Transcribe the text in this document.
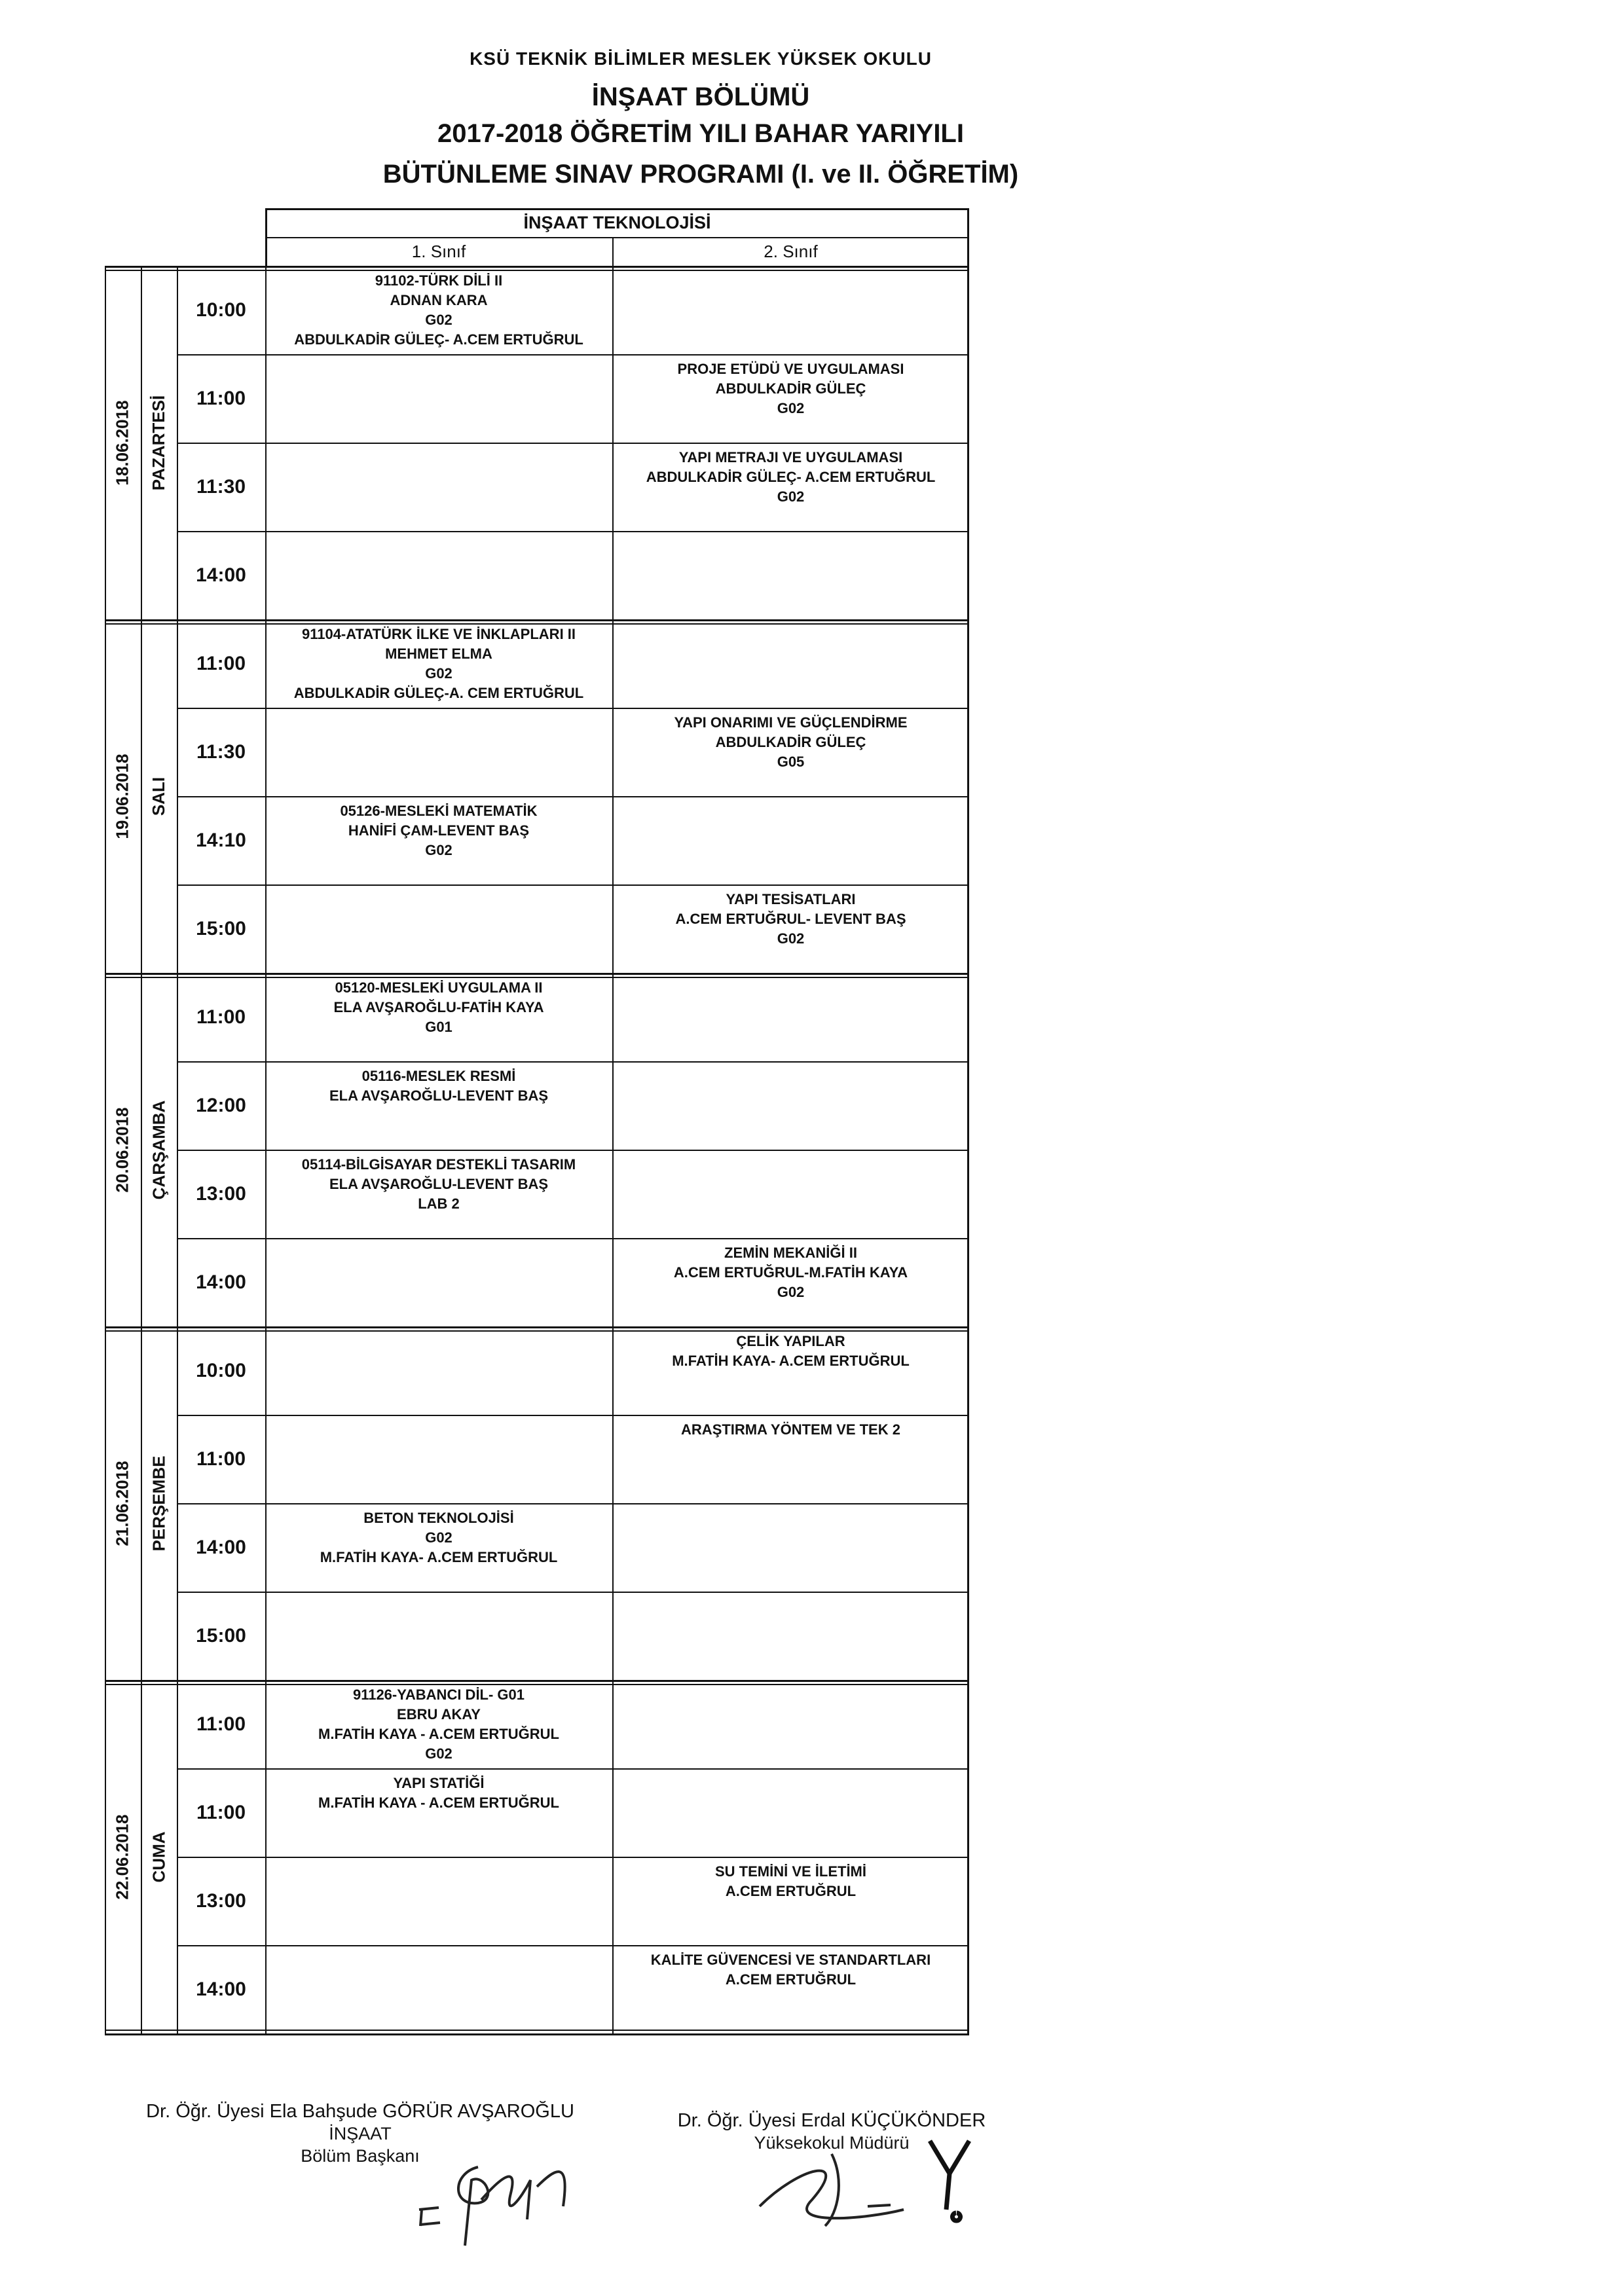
KSÜ TEKNİK BİLİMLER MESLEK YÜKSEK OKULU
İNŞAAT BÖLÜMÜ
2017-2018 ÖĞRETİM YILI BAHAR YARIYILI
BÜTÜNLEME SINAV PROGRAMI (I. ve II. ÖĞRETİM)
İNŞAAT TEKNOLOJİSİ
1. Sınıf	2. Sınıf
18.06.2018 PAZARTESİ
10:00
91102-TÜRK DİLİ II
ADNAN KARA
G02
ABDULKADİR GÜLEÇ- A.CEM ERTUĞRUL
11:00
PROJE ETÜDÜ VE UYGULAMASI
ABDULKADİR GÜLEÇ
G02
11:30
YAPI METRAJI VE UYGULAMASI
ABDULKADİR GÜLEÇ- A.CEM ERTUĞRUL
G02
14:00
19.06.2018 SALI
11:00
91104-ATATÜRK İLKE VE İNKLAPLARI II
MEHMET ELMA
G02
ABDULKADİR GÜLEÇ-A. CEM ERTUĞRUL
11:30
YAPI ONARIMI VE GÜÇLENDİRME
ABDULKADİR GÜLEÇ
G05
14:10
05126-MESLEKİ MATEMATİK
HANİFİ ÇAM-LEVENT BAŞ
G02
15:00
YAPI TESİSATLARI
A.CEM ERTUĞRUL- LEVENT BAŞ
G02
20.06.2018 ÇARŞAMBA
11:00
05120-MESLEKİ UYGULAMA II
ELA AVŞAROĞLU-FATİH KAYA
G01
12:00
05116-MESLEK RESMİ
ELA AVŞAROĞLU-LEVENT BAŞ
13:00
05114-BİLGİSAYAR DESTEKLİ TASARIM
ELA AVŞAROĞLU-LEVENT BAŞ
LAB 2
14:00
ZEMİN MEKANİĞİ II
A.CEM ERTUĞRUL-M.FATİH KAYA
G02
21.06.2018 PERŞEMBE
10:00
ÇELİK YAPILAR
M.FATİH KAYA- A.CEM ERTUĞRUL
11:00
ARAŞTIRMA YÖNTEM VE TEK 2
14:00
BETON TEKNOLOJİSİ
G02
M.FATİH KAYA- A.CEM ERTUĞRUL
15:00
22.06.2018 CUMA
11:00
91126-YABANCI DİL- G01
EBRU AKAY
M.FATİH KAYA - A.CEM ERTUĞRUL
G02
11:00
YAPI STATİĞİ
M.FATİH KAYA - A.CEM ERTUĞRUL
13:00
SU TEMİNİ VE İLETİMİ
A.CEM ERTUĞRUL
14:00
KALİTE GÜVENCESİ VE STANDARTLARI
A.CEM ERTUĞRUL
Dr. Öğr. Üyesi Ela Bahşude GÖRÜR AVŞAROĞLU
İNŞAAT
Bölüm Başkanı
Dr. Öğr. Üyesi Erdal KÜÇÜKÖNDER
Yüksekokul Müdürü
